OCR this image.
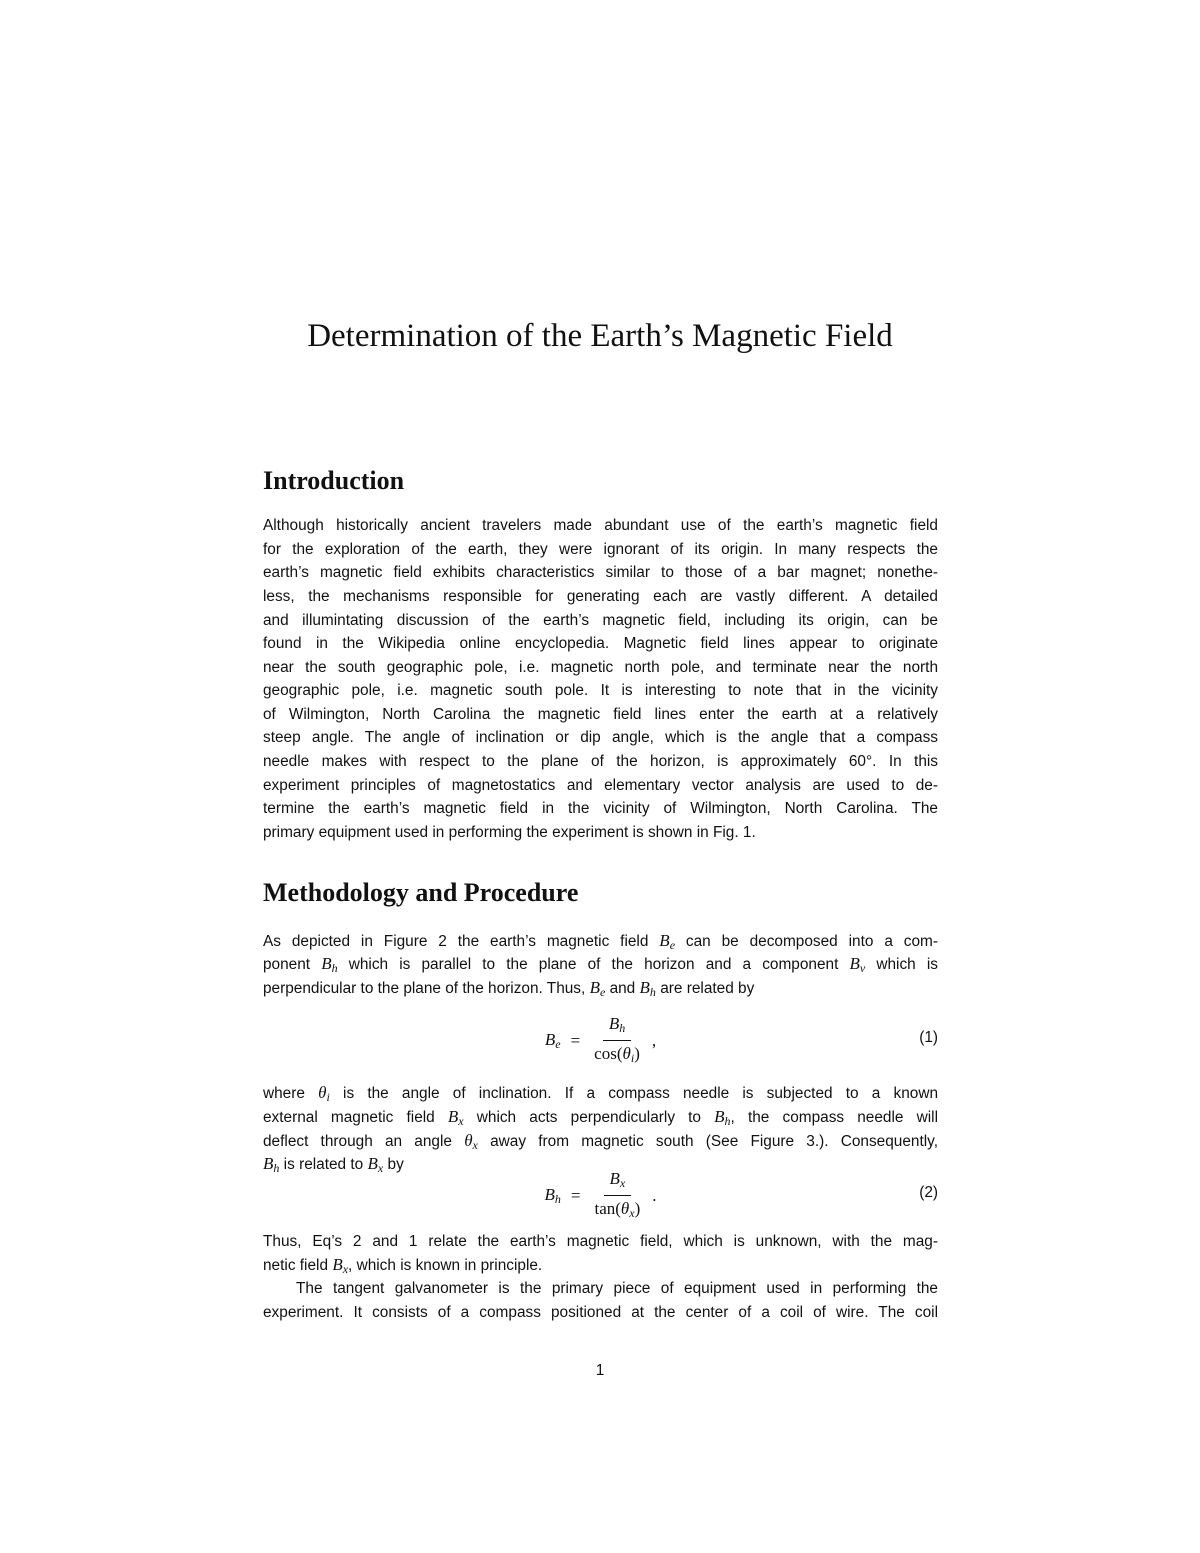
Determination of the Earth’s Magnetic Field
Introduction
Although historically ancient travelers made abundant use of the earth’s magnetic field
for the exploration of the earth, they were ignorant of its origin. In many respects the
earth’s magnetic field exhibits characteristics similar to those of a bar magnet; nonethe-
less, the mechanisms responsible for generating each are vastly different. A detailed
and illumintating discussion of the earth’s magnetic field, including its origin, can be
found in the Wikipedia online encyclopedia. Magnetic field lines appear to originate
near the south geographic pole, i.e. magnetic north pole, and terminate near the north
geographic pole, i.e. magnetic south pole. It is interesting to note that in the vicinity
of Wilmington, North Carolina the magnetic field lines enter the earth at a relatively
steep angle. The angle of inclination or dip angle, which is the angle that a compass
needle makes with respect to the plane of the horizon, is approximately 60°. In this
experiment principles of magnetostatics and elementary vector analysis are used to de-
termine the earth’s magnetic field in the vicinity of Wilmington, North Carolina. The
primary equipment used in performing the experiment is shown in Fig. 1.
Methodology and Procedure
As depicted in Figure 2 the earth’s magnetic field $B_e$ can be decomposed into a com-
ponent $B_h$ which is parallel to the plane of the horizon and a component $B_v$ which is
perpendicular to the plane of the horizon. Thus, $B_e$ and $B_h$ are related by
$B_e = \frac{B_h}{\cos(\theta_i)}$ ,	(1)
where $\theta_i$ is the angle of inclination. If a compass needle is subjected to a known
external magnetic field $B_x$ which acts perpendicularly to $B_h$, the compass needle will
deflect through an angle $\theta_x$ away from magnetic south (See Figure 3.). Consequently,
$B_h$ is related to $B_x$ by
$B_h = \frac{B_x}{\tan(\theta_x)}$ .	(2)
Thus, Eq’s 2 and 1 relate the earth’s magnetic field, which is unknown, with the mag-
netic field $B_x$, which is known in principle.
The tangent galvanometer is the primary piece of equipment used in performing the
experiment. It consists of a compass positioned at the center of a coil of wire. The coil
1
